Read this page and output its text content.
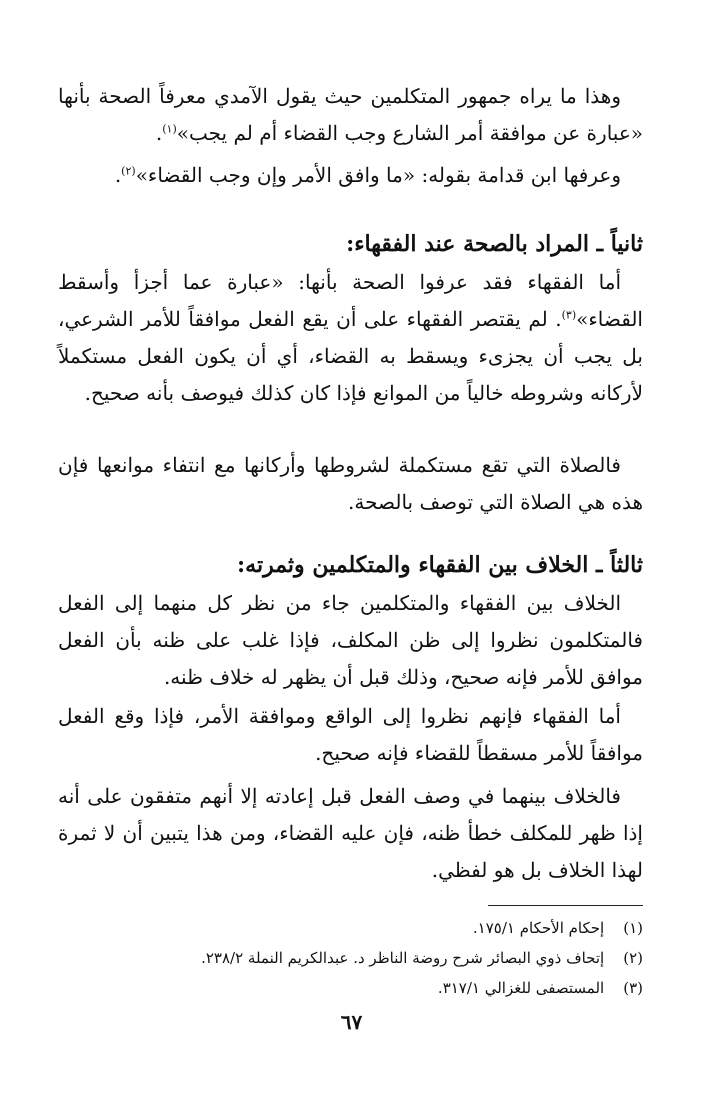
وهذا ما يراه جمهور المتكلمين حيث يقول الآمدي معرفاً الصحة بأنها «عبارة عن موافقة أمر الشارع وجب القضاء أم لم يجب»$^{(١)}$.

وعرفها ابن قدامة بقوله: «ما وافق الأمر وإن وجب القضاء»$^{(٢)}$.

ثانياً ـ المراد بالصحة عند الفقهاء:

أما الفقهاء فقد عرفوا الصحة بأنها: «عبارة عما أجزأ وأسقط القضاء»$^{(٣)}$. لم يقتصر الفقهاء على أن يقع الفعل موافقاً للأمر الشرعي، بل يجب أن يجزىء ويسقط به القضاء، أي أن يكون الفعل مستكملاً لأركانه وشروطه خالياً من الموانع فإذا كان كذلك فيوصف بأنه صحيح.

فالصلاة التي تقع مستكملة لشروطها وأركانها مع انتفاء موانعها فإن هذه هي الصلاة التي توصف بالصحة.

ثالثاً ـ الخلاف بين الفقهاء والمتكلمين وثمرته:

الخلاف بين الفقهاء والمتكلمين جاء من نظر كل منهما إلى الفعل فالمتكلمون نظروا إلى ظن المكلف، فإذا غلب على ظنه بأن الفعل موافق للأمر فإنه صحيح، وذلك قبل أن يظهر له خلاف ظنه.

أما الفقهاء فإنهم نظروا إلى الواقع وموافقة الأمر، فإذا وقع الفعل موافقاً للأمر مسقطاً للقضاء فإنه صحيح.

فالخلاف بينهما في وصف الفعل قبل إعادته إلا أنهم متفقون على أنه إذا ظهر للمكلف خطأ ظنه، فإن عليه القضاء، ومن هذا يتبين أن لا ثمرة لهذا الخلاف بل هو لفظي.

(١) إحكام الأحكام ١٧٥/١.

(٢) إتحاف ذوي البصائر شرح روضة الناظر د. عبدالكريم النملة ٢٣٨/٢.

(٣) المستصفى للغزالي ٣١٧/١.

٦٧
